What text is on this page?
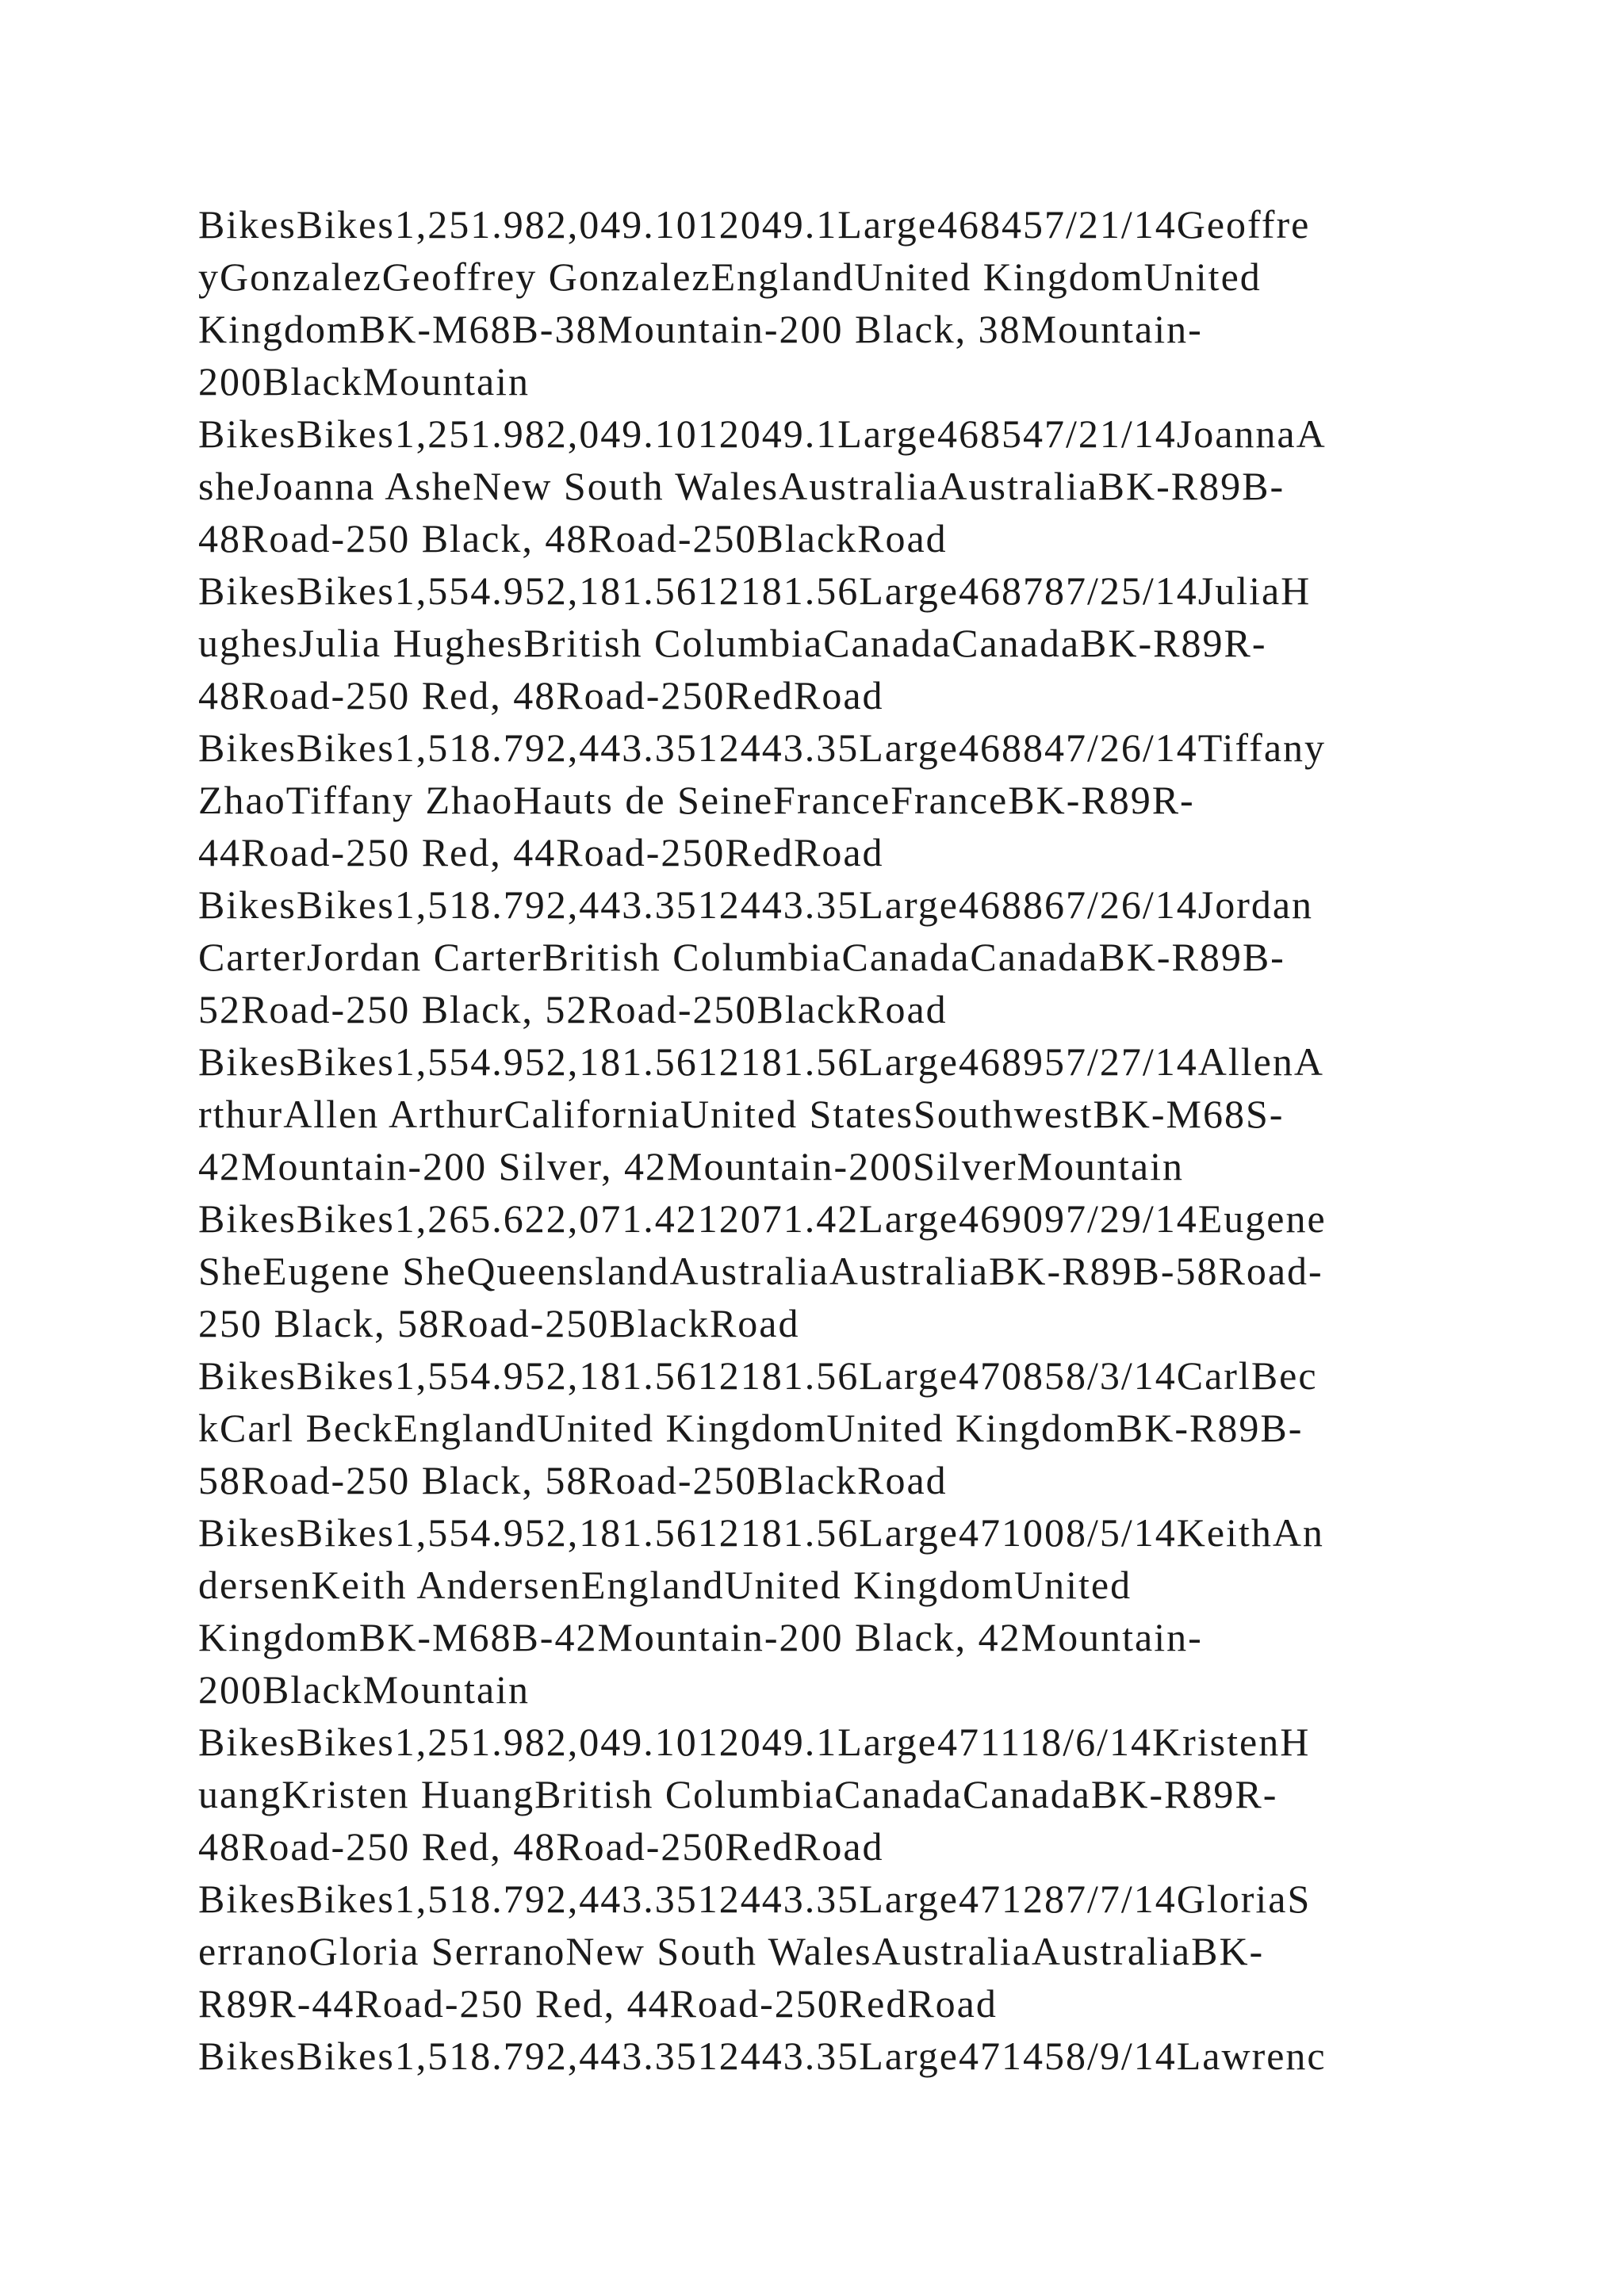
BikesBikes1,251.982,049.1012049.1Large468457/21/14Geoffre
yGonzalezGeoffrey GonzalezEnglandUnited KingdomUnited
KingdomBK-M68B-38Mountain-200 Black, 38Mountain-
200BlackMountain
BikesBikes1,251.982,049.1012049.1Large468547/21/14JoannaA
sheJoanna AsheNew South WalesAustraliaAustraliaBK-R89B-
48Road-250 Black, 48Road-250BlackRoad
BikesBikes1,554.952,181.5612181.56Large468787/25/14JuliaH
ughesJulia HughesBritish ColumbiaCanadaCanadaBK-R89R-
48Road-250 Red, 48Road-250RedRoad
BikesBikes1,518.792,443.3512443.35Large468847/26/14Tiffany
ZhaoTiffany ZhaoHauts de SeineFranceFranceBK-R89R-
44Road-250 Red, 44Road-250RedRoad
BikesBikes1,518.792,443.3512443.35Large468867/26/14Jordan
CarterJordan CarterBritish ColumbiaCanadaCanadaBK-R89B-
52Road-250 Black, 52Road-250BlackRoad
BikesBikes1,554.952,181.5612181.56Large468957/27/14AllenA
rthurAllen ArthurCaliforniaUnited StatesSouthwestBK-M68S-
42Mountain-200 Silver, 42Mountain-200SilverMountain
BikesBikes1,265.622,071.4212071.42Large469097/29/14Eugene
SheEugene SheQueenslandAustraliaAustraliaBK-R89B-58Road-
250 Black, 58Road-250BlackRoad
BikesBikes1,554.952,181.5612181.56Large470858/3/14CarlBec
kCarl BeckEnglandUnited KingdomUnited KingdomBK-R89B-
58Road-250 Black, 58Road-250BlackRoad
BikesBikes1,554.952,181.5612181.56Large471008/5/14KeithAn
dersenKeith AndersenEnglandUnited KingdomUnited
KingdomBK-M68B-42Mountain-200 Black, 42Mountain-
200BlackMountain
BikesBikes1,251.982,049.1012049.1Large471118/6/14KristenH
uangKristen HuangBritish ColumbiaCanadaCanadaBK-R89R-
48Road-250 Red, 48Road-250RedRoad
BikesBikes1,518.792,443.3512443.35Large471287/7/14GloriaS
erranoGloria SerranoNew South WalesAustraliaAustraliaBK-
R89R-44Road-250 Red, 44Road-250RedRoad
BikesBikes1,518.792,443.3512443.35Large471458/9/14Lawrenc
